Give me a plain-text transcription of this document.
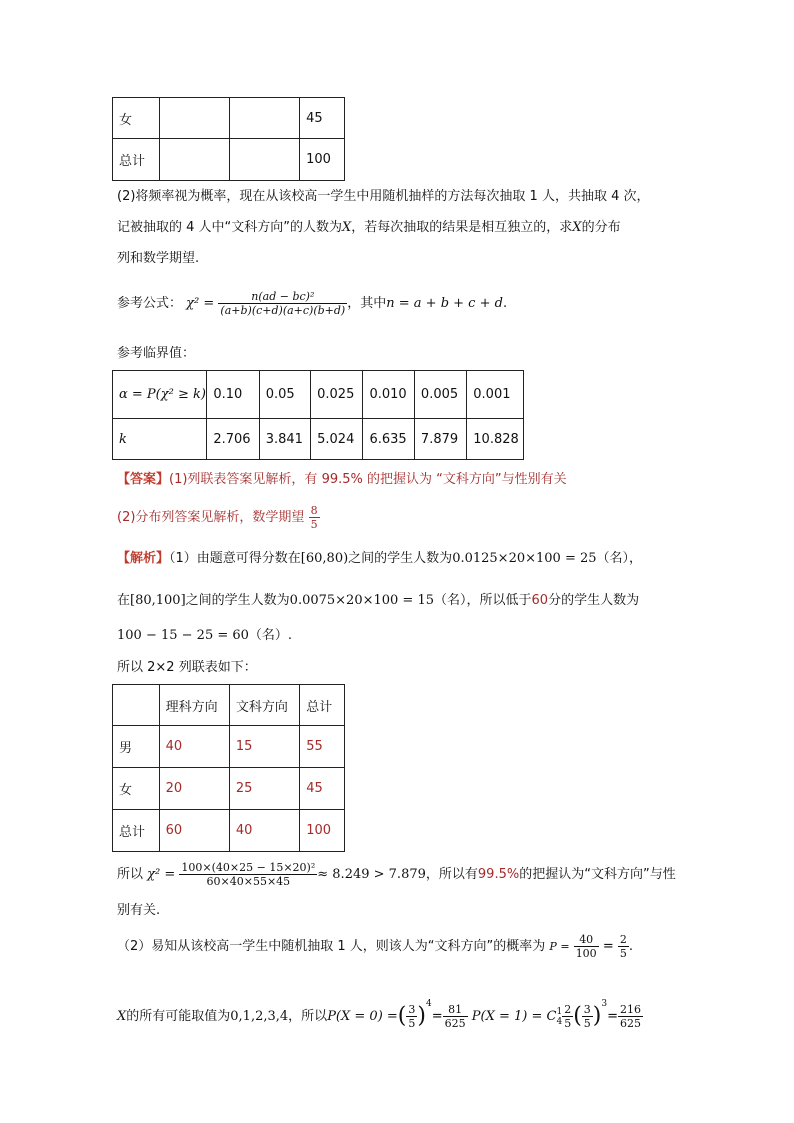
女			45
总计			100
(2)将频率视为概率，现在从该校高一学生中用随机抽样的方法每次抽取 1 人，共抽取 4 次，
记被抽取的 4 人中“文科方向”的人数为X，若每次抽取的结果是相互独立的，求X的分布
列和数学期望.
参考公式： $\chi^2 = \frac{\text{n(ad − bc)²}}{(a+b)(c+d)(a+c)(b+d)}$ ，其中n = a + b + c + d.
参考临界值：
α = P(χ² ≥ k)	0.10	0.05	0.025	0.010	0.005	0.001
k	2.706	3.841	5.024	6.635	7.879	10.828
【答案】(1)列联表答案见解析，有 99.5% 的把握认为 “文科方向”与性别有关
(2)分布列答案见解析，数学期望 $\frac{8}{5}$
【解析】（1）由题意可得分数在[60,80)之间的学生人数为0.0125×20×100 = 25（名），
在[80,100]之间的学生人数为0.0075×20×100 = 15（名），所以低于60分的学生人数为
100 − 15 − 25 = 60（名）.
所以 2×2 列联表如下：
	理科方向	文科方向	总计
男	40	15	55
女	20	25	45
总计	60	40	100
所以 $\chi^2 = \frac{\text{100×(40×25 − 15×20)²}}{60\times 40\times 55\times 45} \approx 8.249 > 7.879$，所以有99.5%的把握认为“文科方向”与性
别有关.
（2）易知从该校高一学生中随机抽取 1 人，则该人为“文科方向”的概率为 $P = \frac{40}{100} = \frac{2}{5}$ .
X的所有可能取值为0,1,2,3,4，所以P(X = 0) =( $\frac{3}{5} )^4= \frac{81}{625} P(X = 1) = C$ 1
$4 \frac{2}{5}$ ( $\frac{3}{5} )^3= \frac{216}{625}$
